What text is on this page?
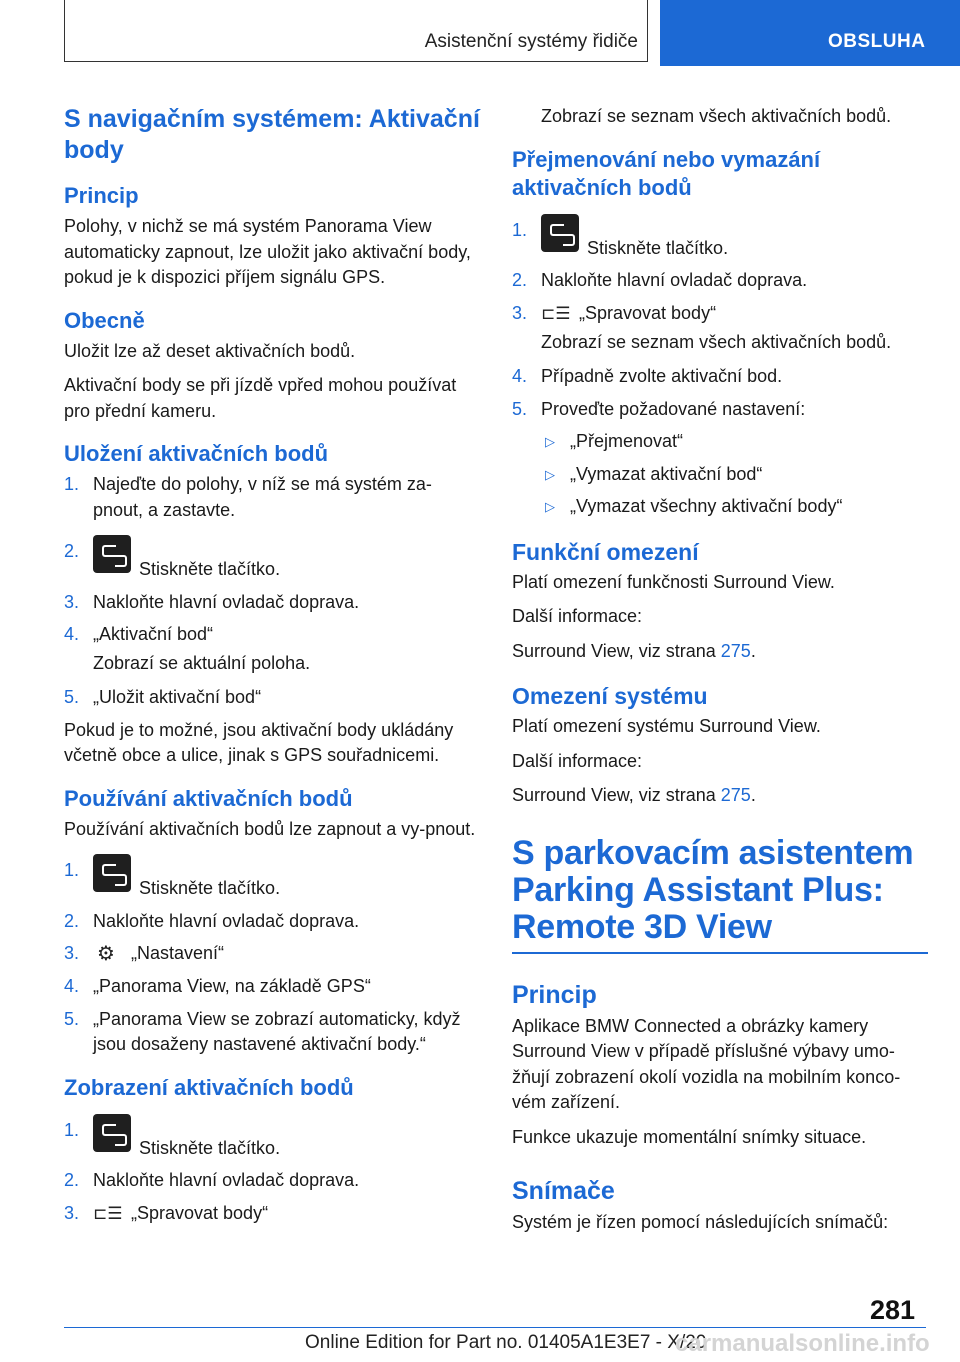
Asistenční systémy řidiče	OBSLUHA
S navigačním systémem: Aktivační body
Princip

Polohy, v nichž se má systém Panorama View automaticky zapnout, lze uložit jako aktivační body, pokud je k dispozici příjem signálu GPS.

Obecně

Uložit lze až deset aktivačních bodů.

Aktivační body se při jízdě vpřed mohou používat pro přední kameru.

Uložení aktivačních bodů
1. Najeďte do polohy, v níž se má systém za-pnout, a zastavte.
2.
Stiskněte tlačítko.
3. Nakloňte hlavní ovladač doprava.
4. „Aktivační bod“

Zobrazí se aktuální poloha.

5. „Uložit aktivační bod“

Pokud je to možné, jsou aktivační body ukládány včetně obce a ulice, jinak s GPS souřadnicemi.

Používání aktivačních bodů

Používání aktivačních bodů lze zapnout a vy-pnout.

1.
Stiskněte tlačítko.
2. Nakloňte hlavní ovladač doprava.
3. ⚙ „Nastavení“
4. „Panorama View, na základě GPS“
5. „Panorama View se zobrazí automaticky, když jsou dosaženy nastavené aktivační body.“
Zobrazení aktivačních bodů
1.
Stiskněte tlačítko.
2. Nakloňte hlavní ovladač doprava.
3. ⊏☰ „Spravovat body“

Zobrazí se seznam všech aktivačních bodů.

Přejmenování nebo vymazání aktivačních bodů
1.
Stiskněte tlačítko.
2. Nakloňte hlavní ovladač doprava.
3. ⊏☰ „Spravovat body“

Zobrazí se seznam všech aktivačních bodů.

4. Případně zvolte aktivační bod.
5. Proveďte požadované nastavení:
▷ „Přejmenovat“
▷ „Vymazat aktivační bod“
▷ „Vymazat všechny aktivační body“
Funkční omezení

Platí omezení funkčnosti Surround View.

Další informace:

Surround View, viz strana 275.

Omezení systému

Platí omezení systému Surround View.

Další informace:

Surround View, viz strana 275.

S parkovacím asistentem Parking Assistant Plus: Remote 3D View
Princip

Aplikace BMW Connected a obrázky kamery Surround View v případě příslušné výbavy umo-žňují zobrazení okolí vozidla na mobilním konco-vém zařízení.

Funkce ukazuje momentální snímky situace.

Snímače

Systém je řízen pomocí následujících snímačů:

281
Online Edition for Part no. 01405A1E3E7 - X/20
carmanualsonline.info
